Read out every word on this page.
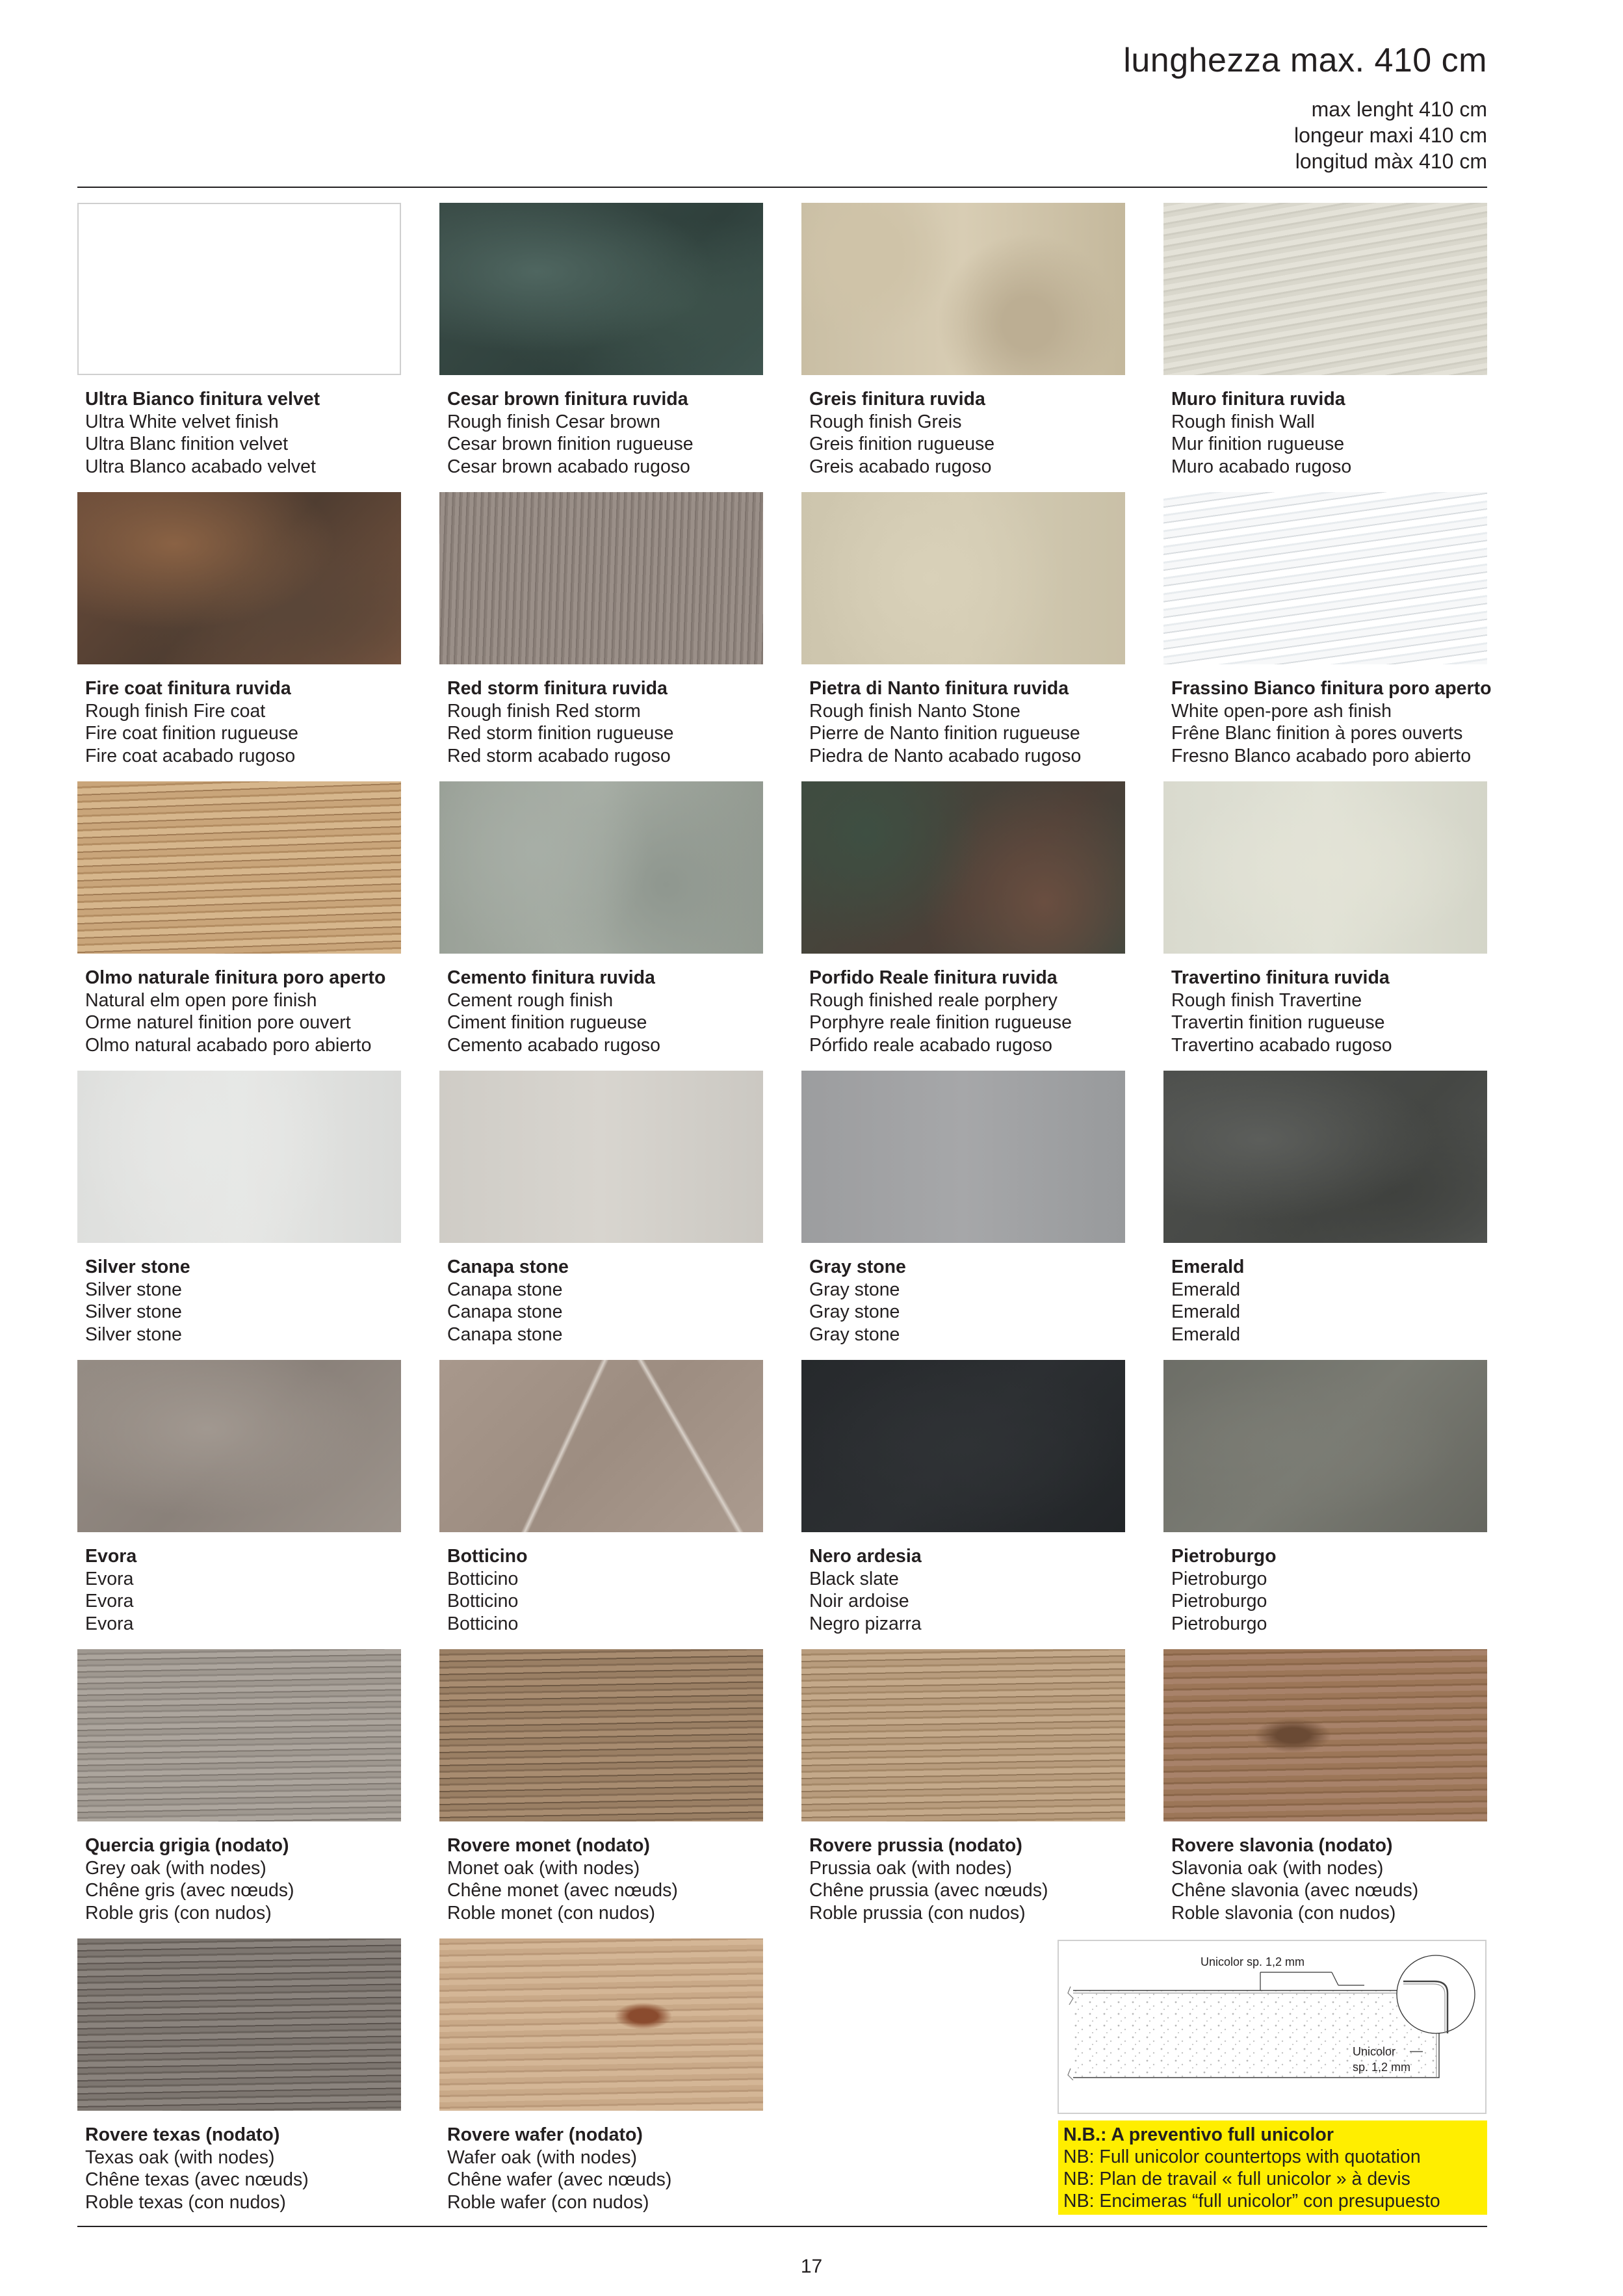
lunghezza max. 410 cm
max lenght 410 cm
longeur maxi 410 cm
longitud màx 410 cm
Ultra Bianco finitura velvet
Ultra White velvet finish
Ultra Blanc finition velvet
Ultra Blanco acabado velvet
Cesar brown finitura ruvida
Rough finish Cesar brown
Cesar brown finition rugueuse
Cesar brown acabado rugoso
Greis finitura ruvida
Rough finish Greis
Greis finition rugueuse
Greis acabado rugoso
Muro finitura ruvida
Rough finish Wall
Mur finition rugueuse
Muro acabado rugoso
Fire coat finitura ruvida
Rough finish Fire coat
Fire coat finition rugueuse
Fire coat acabado rugoso
Red storm finitura ruvida
Rough finish Red storm
Red storm finition rugueuse
Red storm acabado rugoso
Pietra di Nanto finitura ruvida
Rough finish Nanto Stone
Pierre de Nanto finition rugueuse
Piedra de Nanto acabado rugoso
Frassino Bianco finitura poro aperto
White open-pore ash finish
Frêne Blanc finition à pores ouverts
Fresno Blanco acabado poro abierto
Olmo naturale finitura poro aperto
Natural elm open pore finish
Orme naturel finition pore ouvert
Olmo natural acabado poro abierto
Cemento finitura ruvida
Cement rough finish
Ciment finition rugueuse
Cemento acabado rugoso
Porfido Reale finitura ruvida
Rough finished reale porphery
Porphyre reale finition rugueuse
Pórfido reale acabado rugoso
Travertino finitura ruvida
Rough finish Travertine
Travertin finition rugueuse
Travertino acabado rugoso
Silver stone
Silver stone
Silver stone
Silver stone
Canapa stone
Canapa stone
Canapa stone
Canapa stone
Gray stone
Gray stone
Gray stone
Gray stone
Emerald
Emerald
Emerald
Emerald
Evora
Evora
Evora
Evora
Botticino
Botticino
Botticino
Botticino
Nero ardesia
Black slate
Noir ardoise
Negro pizarra
Pietroburgo
Pietroburgo
Pietroburgo
Pietroburgo
Quercia grigia (nodato)
Grey oak (with nodes)
Chêne gris (avec nœuds)
Roble gris (con nudos)
Rovere monet (nodato)
Monet oak (with nodes)
Chêne monet (avec nœuds)
Roble monet (con nudos)
Rovere prussia (nodato)
Prussia oak (with nodes)
Chêne prussia (avec nœuds)
Roble prussia (con nudos)
Rovere slavonia (nodato)
Slavonia oak (with nodes)
Chêne slavonia (avec nœuds)
Roble slavonia (con nudos)
Rovere texas (nodato)
Texas oak (with nodes)
Chêne texas (avec nœuds)
Roble texas (con nudos)
Rovere wafer (nodato)
Wafer oak (with nodes)
Chêne wafer (avec nœuds)
Roble wafer (con nudos)
Unicolor sp. 1,2 mm
Unicolor
sp. 1,2 mm
N.B.: A preventivo full unicolor
NB: Full unicolor countertops with quotation
NB: Plan de travail « full unicolor » à devis
NB: Encimeras “full unicolor” con presupuesto
17
